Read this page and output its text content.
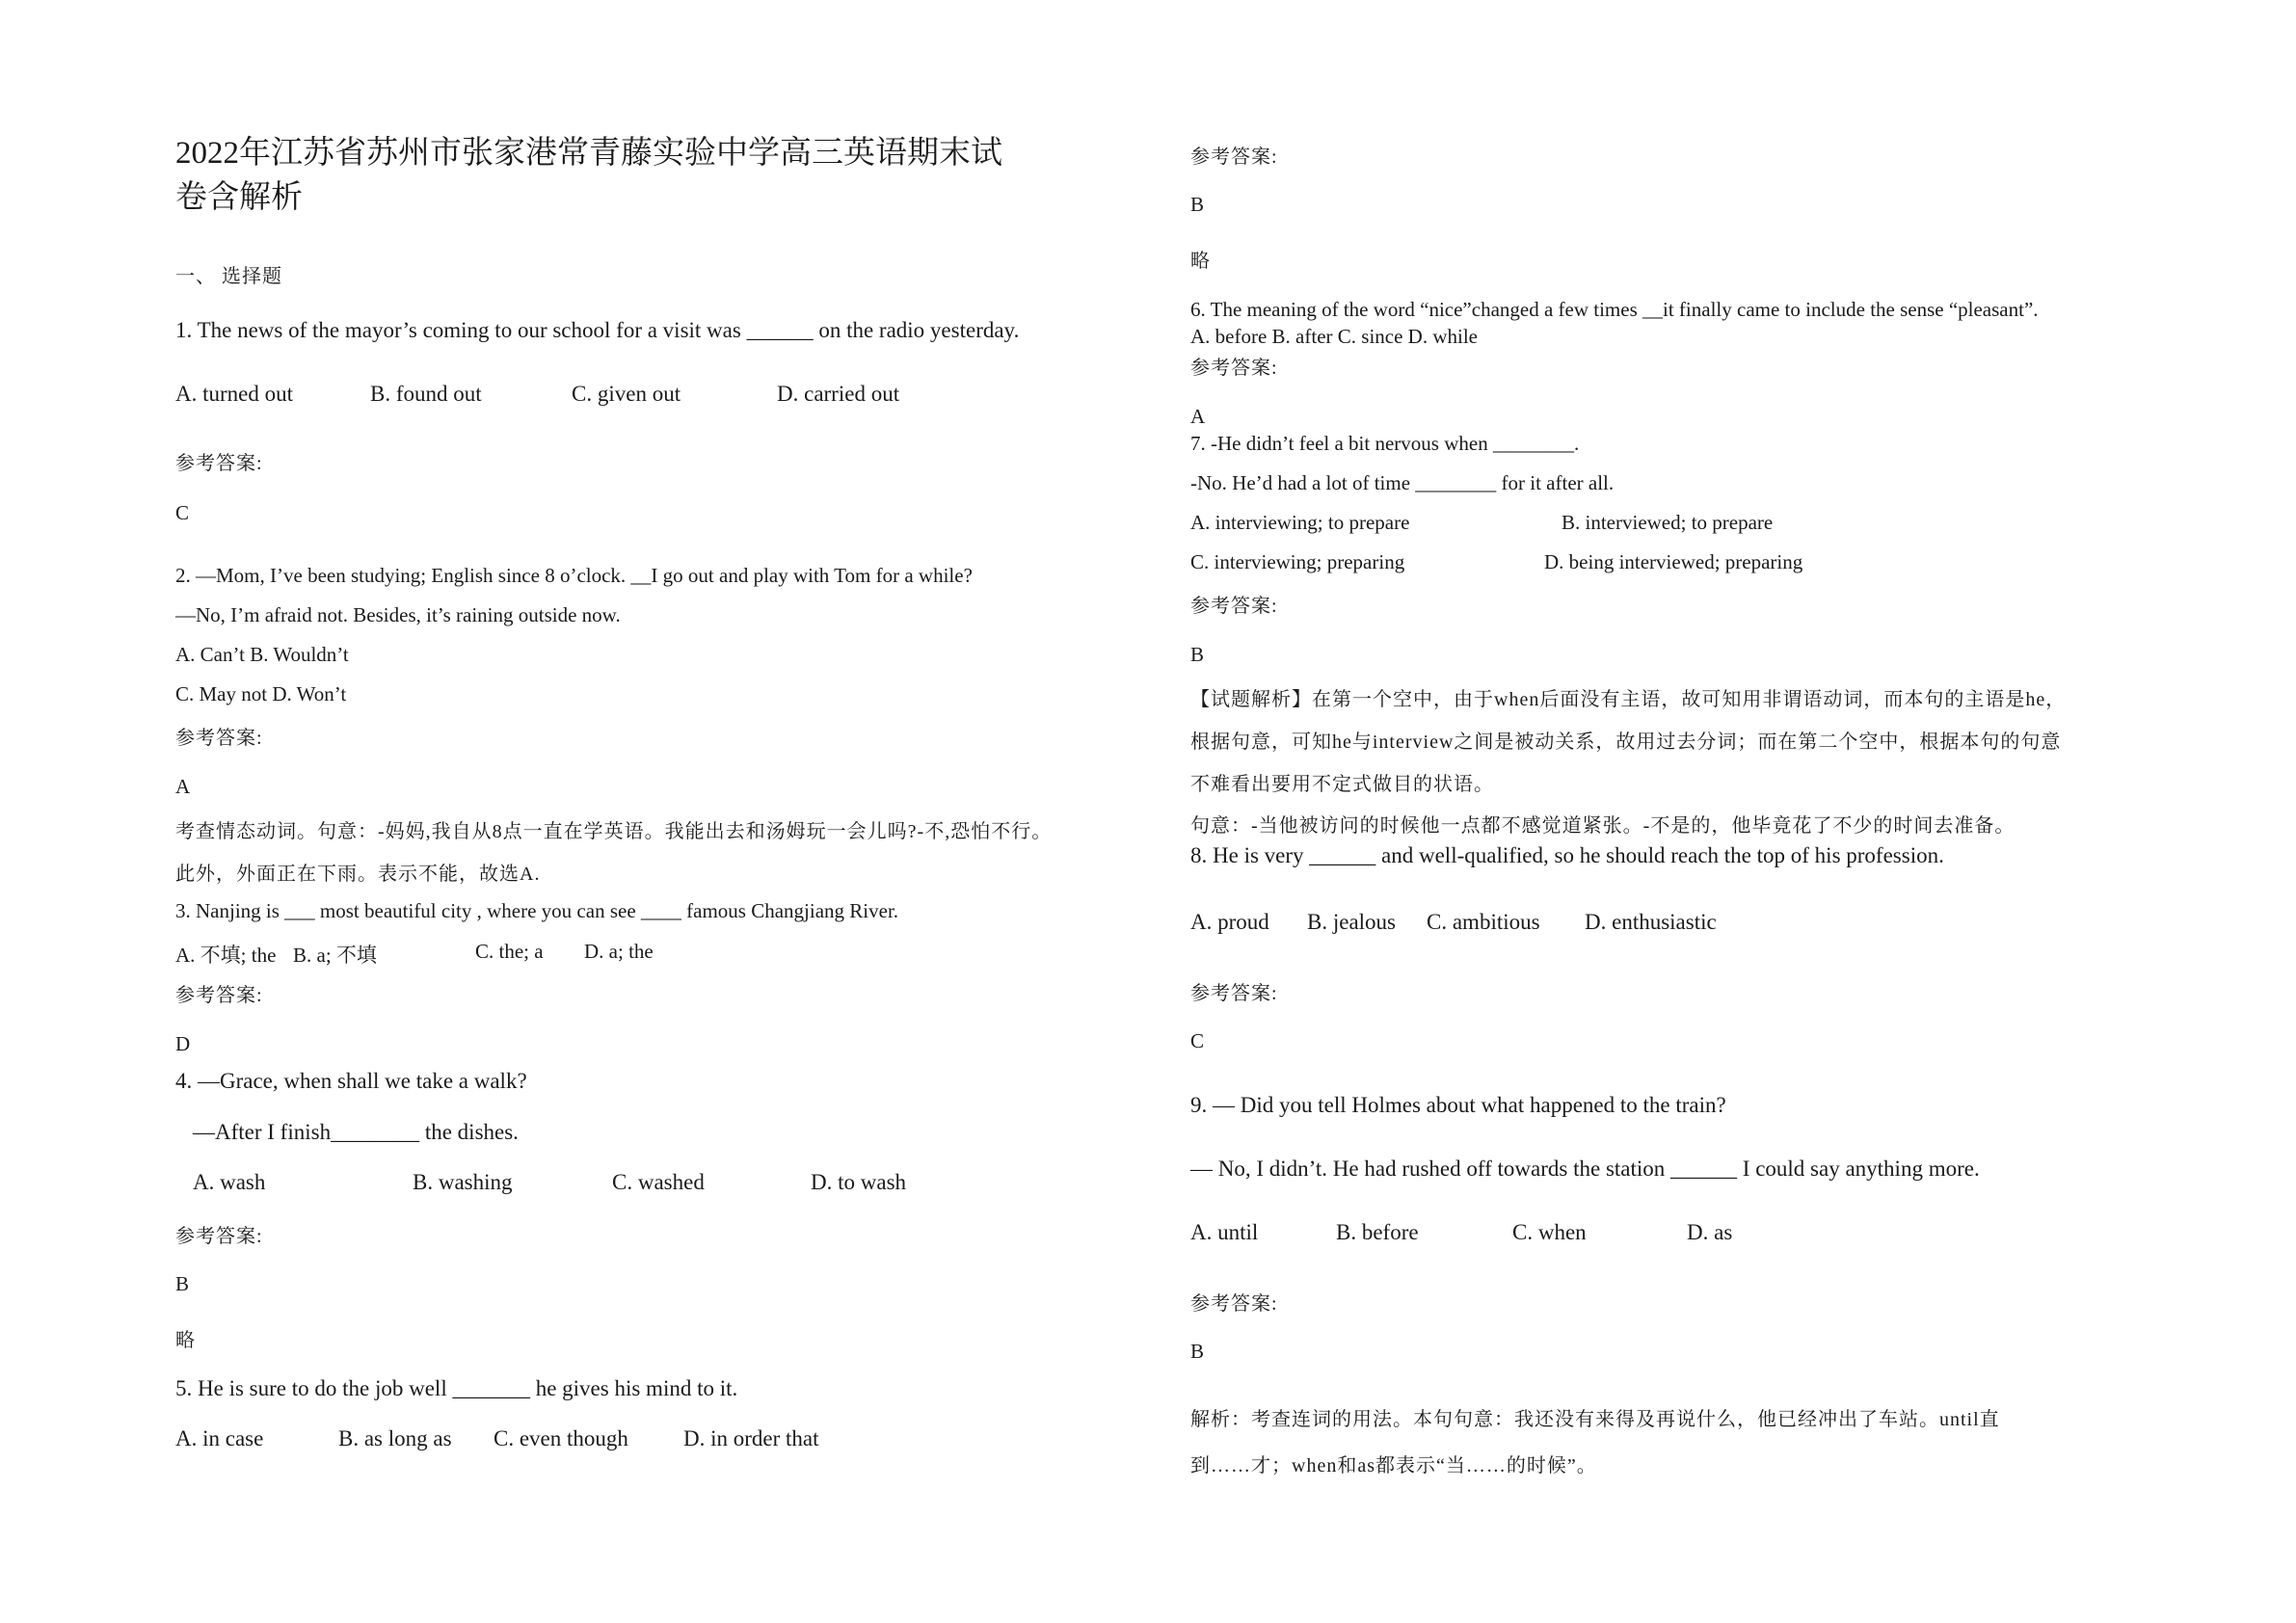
2022年江苏省苏州市张家港常青藤实验中学高三英语期末试

卷含解析

一、 选择题

1. The news of the mayor’s coming to our school for a visit was ______ on the radio yesterday.

A. turned out	B. found out	C. given out	D. carried out

参考答案:

C

2. —Mom, I’ve been studying; English since 8 o’clock. __I go out and play with Tom for a while?

—No, I’m afraid not. Besides, it’s raining outside now.

A. Can’t B. Wouldn’t

C. May not D. Won’t

参考答案:

A

考查情态动词。句意：-妈妈,我自从8点一直在学英语。我能出去和汤姆玩一会儿吗?-不,恐怕不行。

此外，外面正在下雨。表示不能，故选A.

3. Nanjing is ___ most beautiful city , where you can see ____ famous Changjiang River.

A. 不填; the B. a; 不填	C. the; a D. a; the

参考答案:

D

4. —Grace, when shall we take a walk?

—After I finish________ the dishes.

A. wash	B. washing	C. washed	D. to wash

参考答案:

B

略

5. He is sure to do the job well _______ he gives his mind to it.

A. in case	B. as long as C. even though D. in order that

参考答案:

B

略

6. The meaning of the word “nice”changed a few times __it finally came to include the sense “pleasant”.

A. before B. after C. since D. while

参考答案:

A

7. -He didn’t feel a bit nervous when ________.

-No. He’d had a lot of time ________ for it after all.

A. interviewing; to prepare	B. interviewed; to prepare

C. interviewing; preparing	D. being interviewed; preparing

参考答案:

B

【试题解析】在第一个空中，由于when后面没有主语，故可知用非谓语动词，而本句的主语是he，

根据句意，可知he与interview之间是被动关系，故用过去分词；而在第二个空中，根据本句的句意

不难看出要用不定式做目的状语。

句意：-当他被访问的时候他一点都不感觉道紧张。-不是的，他毕竟花了不少的时间去准备。

8. He is very ______ and well-qualified, so he should reach the top of his profession.

A. proud B. jealous C. ambitious D. enthusiastic

参考答案:

C

9. — Did you tell Holmes about what happened to the train?

— No, I didn’t. He had rushed off towards the station ______ I could say anything more.

A. until	B. before	C. when	D. as

参考答案:

B

解析：考查连词的用法。本句句意：我还没有来得及再说什么，他已经冲出了车站。until直

到……才；when和as都表示“当……的时候”。
